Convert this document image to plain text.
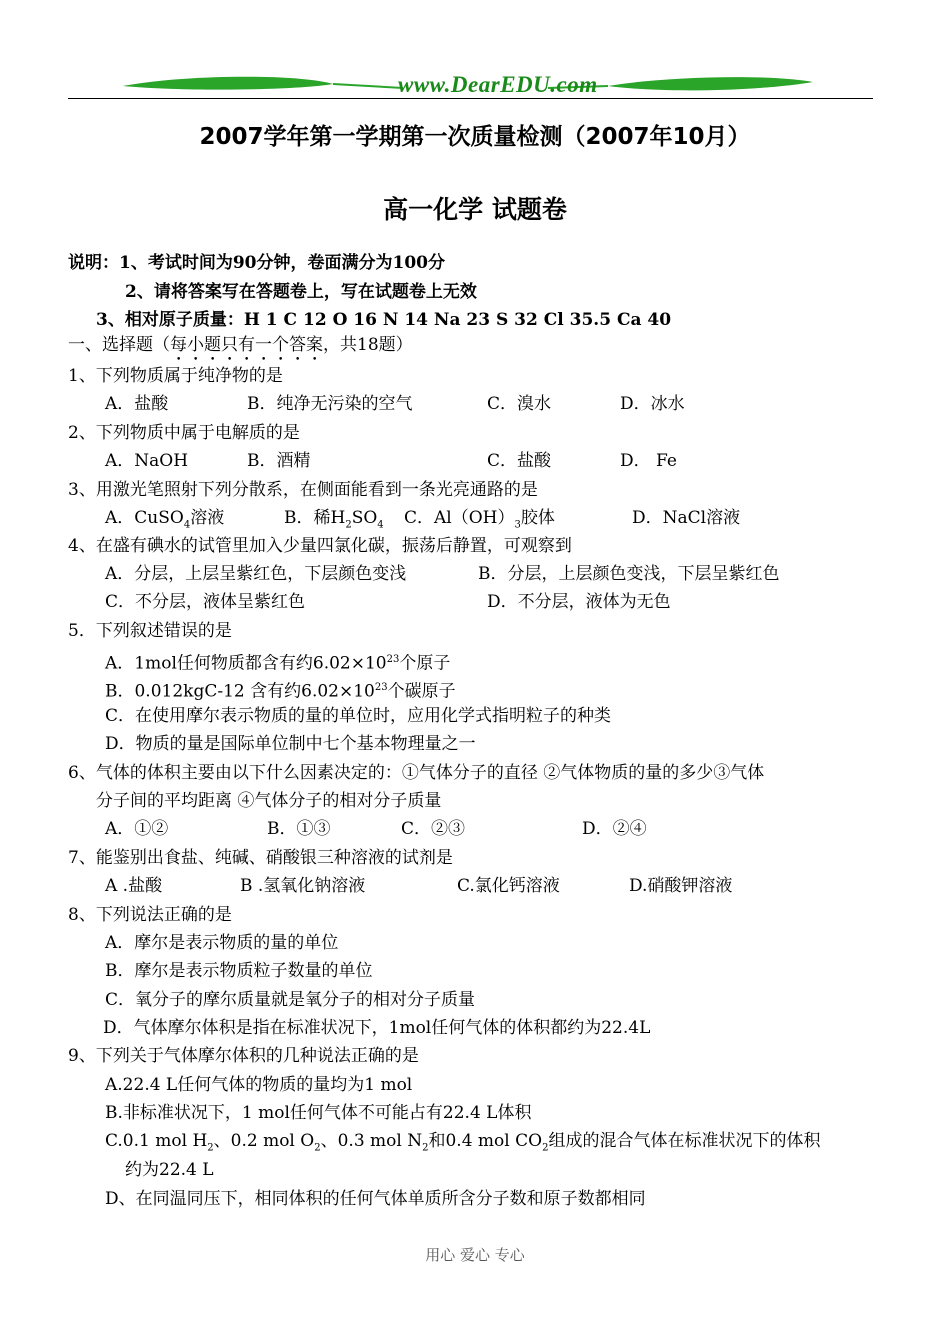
www.DearEDU.com
2007学年第一学期第一次质量检测（2007年10月）
高一化学 试题卷
说明：1、考试时间为90分钟，卷面满分为100分
2、请将答案写在答题卷上，写在试题卷上无效
3、相对原子质量：H 1 C 12 O 16 N 14 Na 23 S 32 Cl 35.5 Ca 40
一、选择题（每小题只有一个答案，共18题）
1、下列物质属于纯净物的是
A．盐酸	B．纯净无污染的空气	C．溴水	D．冰水
2、下列物质中属于电解质的是
A．NaOH	B．酒精	C．盐酸	D． Fe
3、用激光笔照射下列分散系，在侧面能看到一条光亮通路的是
A．CuSO$_4$溶液	B．稀$H_2SO_4$ C．$Al(OH)_3$胶体	D．NaCl溶液
4、在盛有碘水的试管里加入少量四氯化碳，振荡后静置，可观察到
A．分层，上层呈紫红色，下层颜色变浅	B．分层，上层颜色变浅，下层呈紫红色
C．不分层，液体呈紫红色	D．不分层，液体为无色
5．下列叙述错误的是
A．1mol任何物质都含有约$6.02\times 10^{23}$个原子
B．0.012kgC-12 含有约$6.02\times 10^{23}$个碳原子
C．在使用摩尔表示物质的量的单位时，应用化学式指明粒子的种类
D．物质的量是国际单位制中七个基本物理量之一
6、气体的体积主要由以下什么因素决定的：①气体分子的直径 ②气体物质的量的多少③气体
分子间的平均距离 ④气体分子的相对分子质量
A．①②	B．①③	C．②③	D．②④
7、能鉴别出食盐、纯碱、硝酸银三种溶液的试剂是
A .盐酸	B .氢氧化钠溶液	C.氯化钙溶液	D.硝酸钾溶液
8、下列说法正确的是
A．摩尔是表示物质的量的单位
B．摩尔是表示物质粒子数量的单位
C．氧分子的摩尔质量就是氧分子的相对分子质量
D．气体摩尔体积是指在标准状况下，1mol任何气体的体积都约为22.4L
9、下列关于气体摩尔体积的几种说法正确的是
A.22.4 L任何气体的物质的量均为1 mol
B.非标准状况下，1 mol任何气体不可能占有22.4 L体积
C.0.1 mol $H_2$、0.2 mol $O_2$、0.3 mol $N_2$和0.4 mol $CO_2$组成的混合气体在标准状况下的体积
约为22.4 L
D、在同温同压下，相同体积的任何气体单质所含分子数和原子数都相同
用心 爱心 专心
